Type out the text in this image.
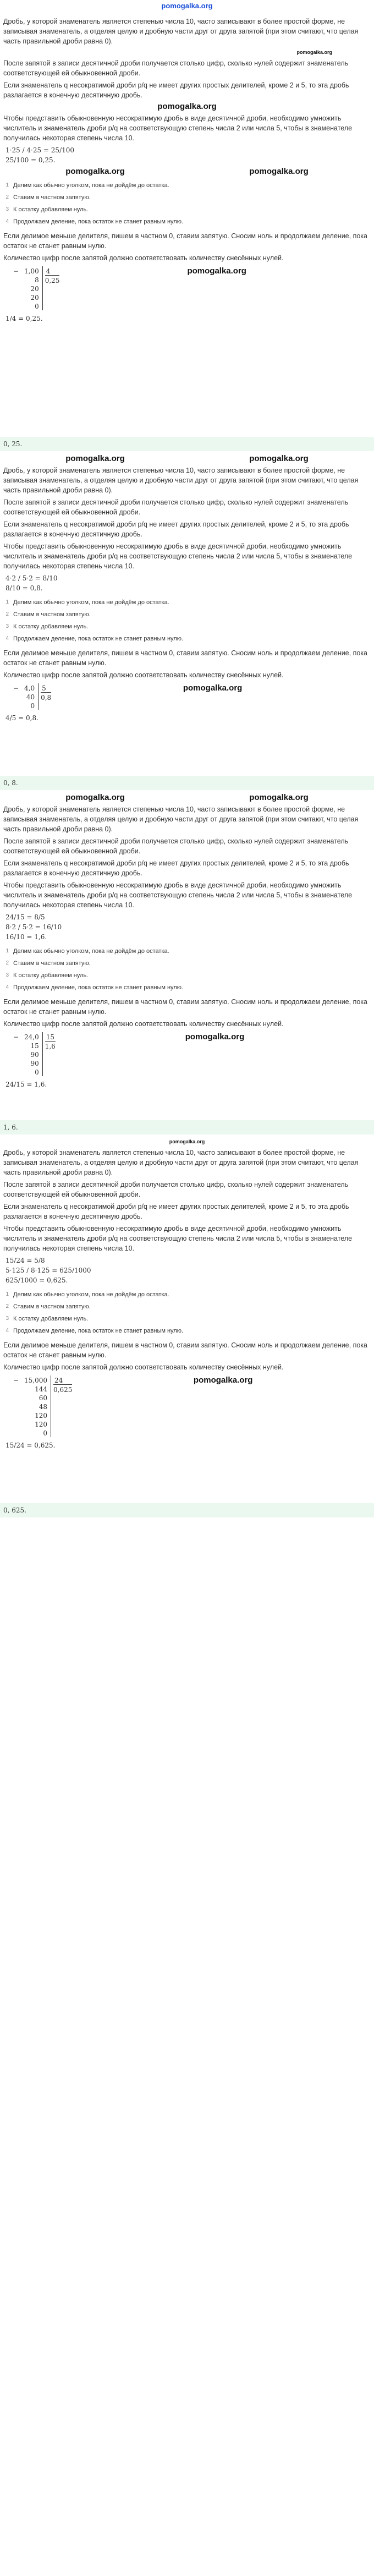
pomogalka.org

Дробь, у которой знаменатель является степенью числа 10, часто записывают в более простой форме, не записывая знаменатель, а отделяя целую и дробную части друг от друга запятой (при этом считают, что целая часть правильной дроби равна 0).

pomogalka.org

После запятой в записи десятичной дроби получается столько цифр, сколько нулей содержит знаменатель соответствующей ей обыкновенной дроби.

Если знаменатель q несократимой дроби p/q не имеет других простых делителей, кроме 2 и 5, то эта дробь разлагается в конечную десятичную дробь.

pomogalka.org

Чтобы представить обыкновенную несократимую дробь в виде десятичной дроби, необходимо умножить числитель и знаменатель дроби p/q на соответствующую степень числа 2 или числа 5, чтобы в знаменателе получилась некоторая степень числа 10.

1·25 / 4·25 = 25/100
25/100 = 0,25.
pomogalka.org	pomogalka.org
1 Делим как обычно уголком, пока не дойдём до остатка.
2 Ставим в частном запятую.
3 К остатку добавляем нуль.
4 Продолжаем деление, пока остаток не станет равным нулю.

Если делимое меньше делителя, пишем в частном 0, ставим запятую. Сносим ноль и продолжаем деление, пока остаток не станет равным нулю.

Количество цифр после запятой должно соответствовать количеству снесённых нулей.

− 1,00
8
20
20
0
4
0,25
pomogalka.org
1/4 = 0,25.
0, 25.
pomogalka.org	pomogalka.org

Дробь, у которой знаменатель является степенью числа 10, часто записывают в более простой форме, не записывая знаменатель, а отделяя целую и дробную части друг от друга запятой (при этом считают, что целая часть правильной дроби равна 0).

После запятой в записи десятичной дроби получается столько цифр, сколько нулей содержит знаменатель соответствующей ей обыкновенной дроби.

Если знаменатель q несократимой дроби p/q не имеет других простых делителей, кроме 2 и 5, то эта дробь разлагается в конечную десятичную дробь.

Чтобы представить обыкновенную несократимую дробь в виде десятичной дроби, необходимо умножить числитель и знаменатель дроби p/q на соответствующую степень числа 2 или числа 5, чтобы в знаменателе получилась некоторая степень числа 10.

4·2 / 5·2 = 8/10
8/10 = 0,8.
1 Делим как обычно уголком, пока не дойдём до остатка.
2 Ставим в частном запятую.
3 К остатку добавляем нуль.
4 Продолжаем деление, пока остаток не станет равным нулю.

Если делимое меньше делителя, пишем в частном 0, ставим запятую. Сносим ноль и продолжаем деление, пока остаток не станет равным нулю.

Количество цифр после запятой должно соответствовать количеству снесённых нулей.

− 4,0
40
0
5
0,8
pomogalka.org
4/5 = 0,8.
0, 8.
pomogalka.org	pomogalka.org

Дробь, у которой знаменатель является степенью числа 10, часто записывают в более простой форме, не записывая знаменатель, а отделяя целую и дробную части друг от друга запятой (при этом считают, что целая часть правильной дроби равна 0).

После запятой в записи десятичной дроби получается столько цифр, сколько нулей содержит знаменатель соответствующей ей обыкновенной дроби.

Если знаменатель q несократимой дроби p/q не имеет других простых делителей, кроме 2 и 5, то эта дробь разлагается в конечную десятичную дробь.

Чтобы представить обыкновенную несократимую дробь в виде десятичной дроби, необходимо умножить числитель и знаменатель дроби p/q на соответствующую степень числа 2 или числа 5, чтобы в знаменателе получилась некоторая степень числа 10.

24/15 = 8/5
8·2 / 5·2 = 16/10
16/10 = 1,6.
1 Делим как обычно уголком, пока не дойдём до остатка.
2 Ставим в частном запятую.
3 К остатку добавляем нуль.
4 Продолжаем деление, пока остаток не станет равным нулю.

Если делимое меньше делителя, пишем в частном 0, ставим запятую. Сносим ноль и продолжаем деление, пока остаток не станет равным нулю.

Количество цифр после запятой должно соответствовать количеству снесённых нулей.

− 24,0
15
90
90
0
15
1,6
pomogalka.org
24/15 = 1,6.
1, 6.
pomogalka.org

Дробь, у которой знаменатель является степенью числа 10, часто записывают в более простой форме, не записывая знаменатель, а отделяя целую и дробную части друг от друга запятой (при этом считают, что целая часть правильной дроби равна 0).

После запятой в записи десятичной дроби получается столько цифр, сколько нулей содержит знаменатель соответствующей ей обыкновенной дроби.

Если знаменатель q несократимой дроби p/q не имеет других простых делителей, кроме 2 и 5, то эта дробь разлагается в конечную десятичную дробь.

Чтобы представить обыкновенную несократимую дробь в виде десятичной дроби, необходимо умножить числитель и знаменатель дроби p/q на соответствующую степень числа 2 или числа 5, чтобы в знаменателе получилась некоторая степень числа 10.

15/24 = 5/8
5·125 / 8·125 = 625/1000
625/1000 = 0,625.
1 Делим как обычно уголком, пока не дойдём до остатка.
2 Ставим в частном запятую.
3 К остатку добавляем нуль.
4 Продолжаем деление, пока остаток не станет равным нулю.

Если делимое меньше делителя, пишем в частном 0, ставим запятую. Сносим ноль и продолжаем деление, пока остаток не станет равным нулю.

Количество цифр после запятой должно соответствовать количеству снесённых нулей.

− 15,000
144
60
48
120
120
0
24
0,625
pomogalka.org
15/24 = 0,625.
0, 625.
